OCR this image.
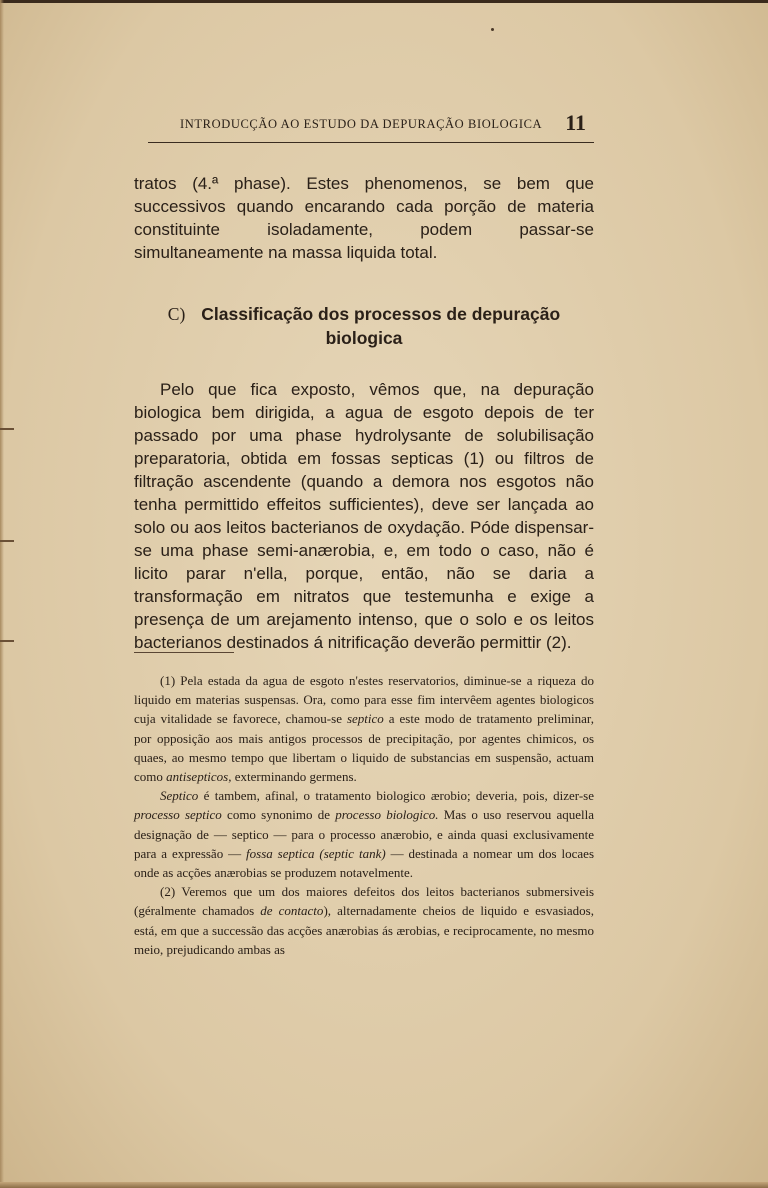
INTRODUCÇÃO AO ESTUDO DA DEPURAÇÃO BIOLOGICA 11
tratos (4.ª phase). Estes phenomenos, se bem que successivos quando encarando cada porção de materia constituinte isoladamente, podem passar-se simultaneamente na massa liquida total.
C) Classificação dos processos de depuração
biologica
Pelo que fica exposto, vêmos que, na depuração biologica bem dirigida, a agua de esgoto depois de ter passado por uma phase hydrolysante de solubilisação preparatoria, obtida em fossas septicas (1) ou filtros de filtração ascendente (quando a demora nos esgotos não tenha permittido effeitos sufficientes), deve ser lançada ao solo ou aos leitos bacterianos de oxydação. Póde dispensar-se uma phase semi-anærobia, e, em todo o caso, não é licito parar n'ella, porque, então, não se daria a transformação em nitratos que testemunha e exige a presença de um arejamento intenso, que o solo e os leitos bacterianos destinados á nitrificação deverão permittir (2).

(1) Pela estada da agua de esgoto n'estes reservatorios, diminue-se a riqueza do liquido em materias suspensas. Ora, como para esse fim intervêem agentes biologicos cuja vitalidade se favorece, chamou-se septico a este modo de tratamento preliminar, por opposição aos mais antigos processos de precipitação, por agentes chimicos, os quaes, ao mesmo tempo que libertam o liquido de substancias em suspensão, actuam como antisepticos, exterminando germens.

Septico é tambem, afinal, o tratamento biologico ærobio; deveria, pois, dizer-se processo septico como synonimo de processo biologico. Mas o uso reservou aquella designação de — septico — para o processo anærobio, e ainda quasi exclusivamente para a expressão — fossa septica (septic tank) — destinada a nomear um dos locaes onde as acções anærobias se produzem notavelmente.

(2) Veremos que um dos maiores defeitos dos leitos bacterianos submersiveis (géralmente chamados de contacto), alternadamente cheios de liquido e esvasiados, está, em que a successão das acções anærobias ás ærobias, e reciprocamente, no mesmo meio, prejudicando ambas as
